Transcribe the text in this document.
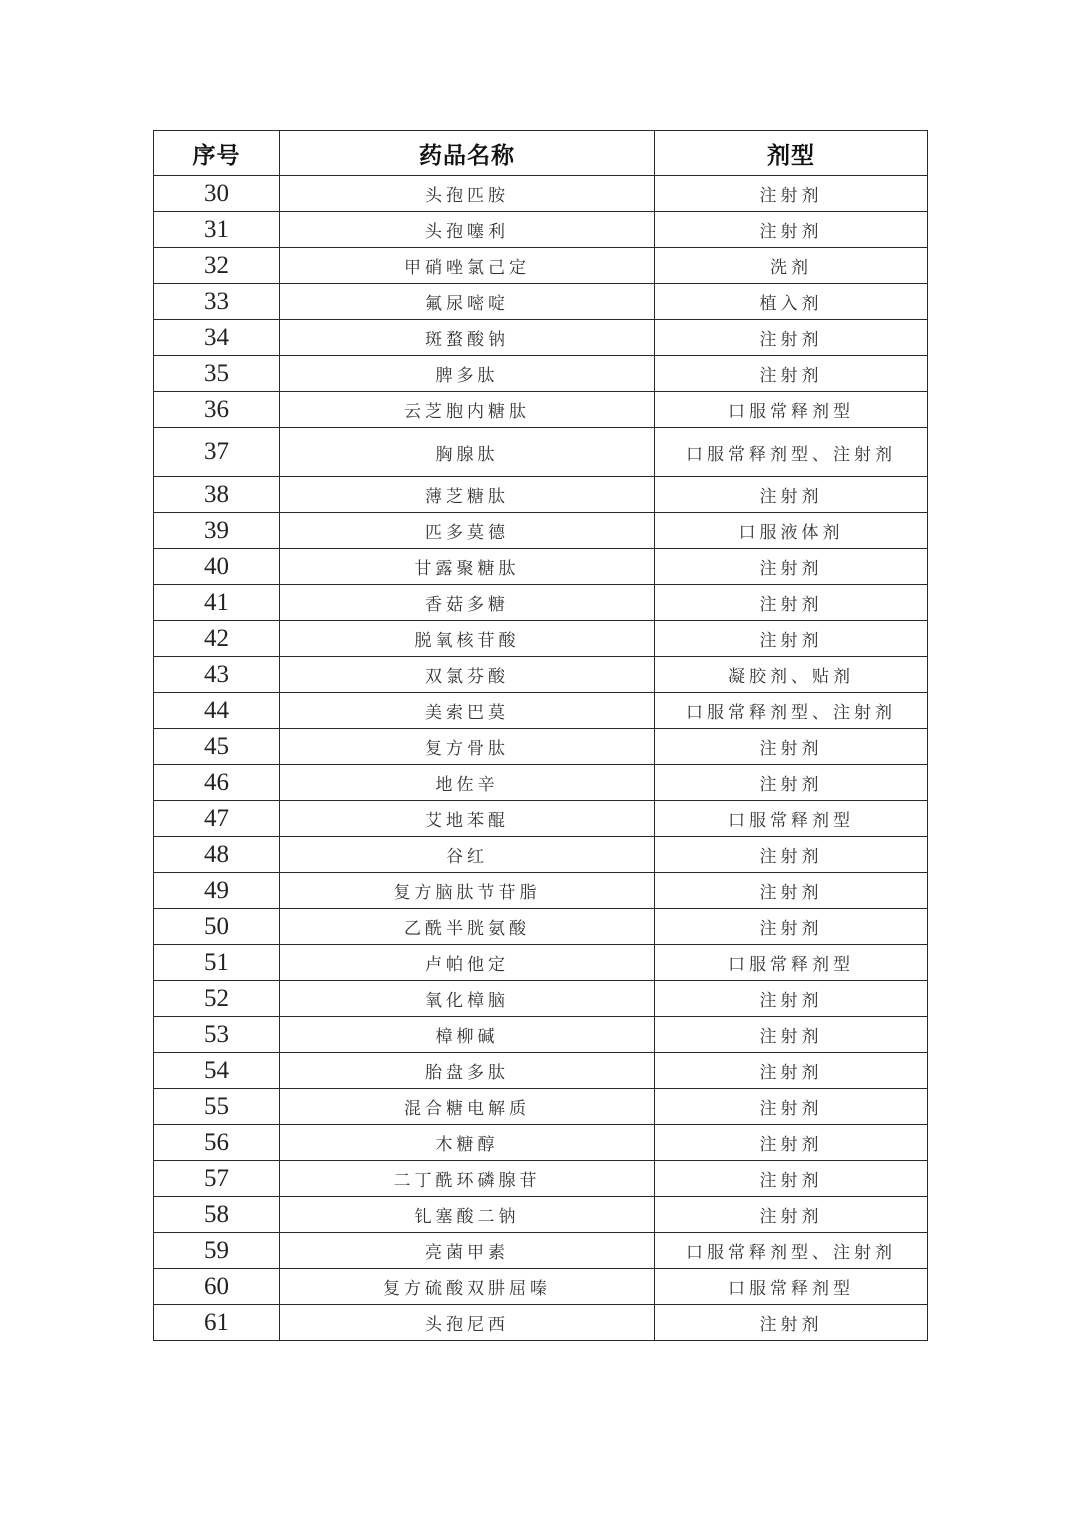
序号	药品名称	剂型
30	头孢匹胺	注射剂
31	头孢噻利	注射剂
32	甲硝唑氯己定	洗剂
33	氟尿嘧啶	植入剂
34	斑蝥酸钠	注射剂
35	脾多肽	注射剂
36	云芝胞内糖肽	口服常释剂型
37	胸腺肽	口服常释剂型、注射剂
38	薄芝糖肽	注射剂
39	匹多莫德	口服液体剂
40	甘露聚糖肽	注射剂
41	香菇多糖	注射剂
42	脱氧核苷酸	注射剂
43	双氯芬酸	凝胶剂、贴剂
44	美索巴莫	口服常释剂型、注射剂
45	复方骨肽	注射剂
46	地佐辛	注射剂
47	艾地苯醌	口服常释剂型
48	谷红	注射剂
49	复方脑肽节苷脂	注射剂
50	乙酰半胱氨酸	注射剂
51	卢帕他定	口服常释剂型
52	氧化樟脑	注射剂
53	樟柳碱	注射剂
54	胎盘多肽	注射剂
55	混合糖电解质	注射剂
56	木糖醇	注射剂
57	二丁酰环磷腺苷	注射剂
58	钆塞酸二钠	注射剂
59	亮菌甲素	口服常释剂型、注射剂
60	复方硫酸双肼屈嗪	口服常释剂型
61	头孢尼西	注射剂
